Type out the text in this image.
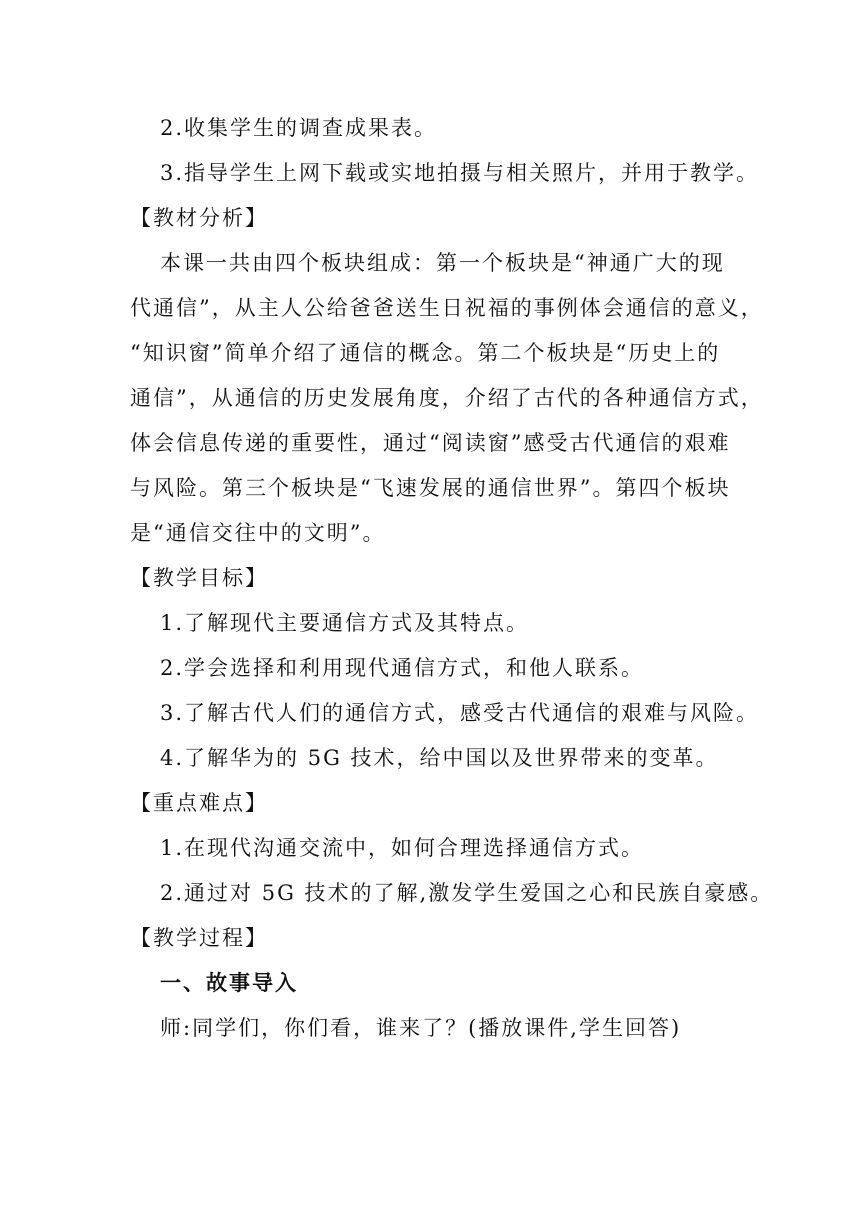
2.收集学生的调查成果表。
3.指导学生上网下载或实地拍摄与相关照片，并用于教学。
【教材分析】
本课一共由四个板块组成：第一个板块是“神通广大的现
代通信”，从主人公给爸爸送生日祝福的事例体会通信的意义，
“知识窗”简单介绍了通信的概念。第二个板块是“历史上的
通信”，从通信的历史发展角度，介绍了古代的各种通信方式，
体会信息传递的重要性，通过“阅读窗”感受古代通信的艰难
与风险。第三个板块是“飞速发展的通信世界”。第四个板块
是“通信交往中的文明”。
【教学目标】
1.了解现代主要通信方式及其特点。
2.学会选择和利用现代通信方式，和他人联系。
3.了解古代人们的通信方式，感受古代通信的艰难与风险。
4.了解华为的 5G 技术，给中国以及世界带来的变革。
【重点难点】
1.在现代沟通交流中，如何合理选择通信方式。
2.通过对 5G 技术的了解,激发学生爱国之心和民族自豪感。
【教学过程】
一、故事导入
师:同学们，你们看，谁来了？(播放课件,学生回答)
